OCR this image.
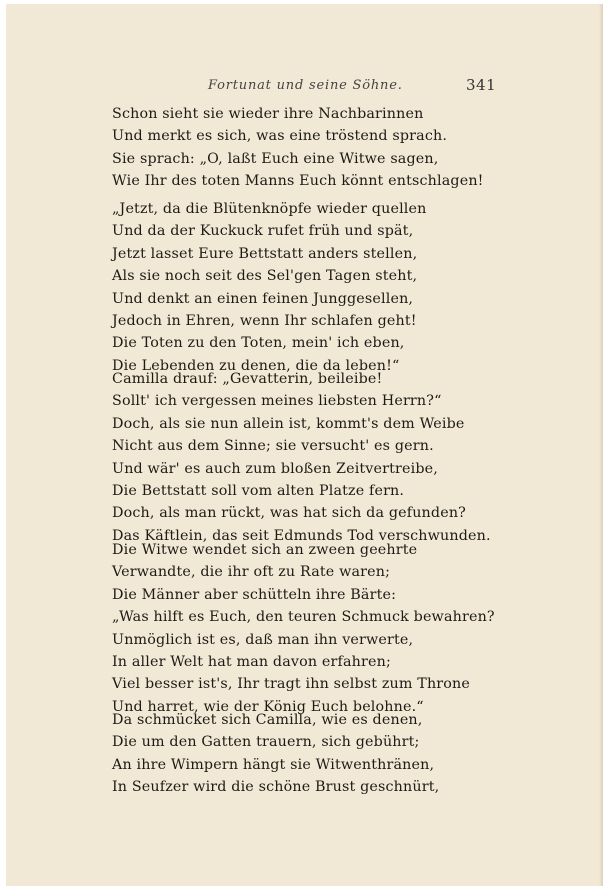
Fortunat und seine Söhne.	341
Schon sieht sie wieder ihre Nachbarinnen
Und merkt es sich, was eine tröstend sprach.
Sie sprach: „O, laßt Euch eine Witwe sagen,
Wie Ihr des toten Manns Euch könnt entschlagen!
„Jetzt, da die Blütenknöpfe wieder quellen
Und da der Kuckuck rufet früh und spät,
Jetzt lasset Eure Bettstatt anders stellen,
Als sie noch seit des Sel'gen Tagen steht,
Und denkt an einen feinen Junggesellen,
Jedoch in Ehren, wenn Ihr schlafen geht!
Die Toten zu den Toten, mein' ich eben,
Die Lebenden zu denen, die da leben!“
Camilla drauf: „Gevatterin, beileibe!
Sollt' ich vergessen meines liebsten Herrn?“
Doch, als sie nun allein ist, kommt's dem Weibe
Nicht aus dem Sinne; sie versucht' es gern.
Und wär' es auch zum bloßen Zeitvertreibe,
Die Bettstatt soll vom alten Platze fern.
Doch, als man rückt, was hat sich da gefunden?
Das Käftlein, das seit Edmunds Tod verschwunden.
Die Witwe wendet sich an zween geehrte
Verwandte, die ihr oft zu Rate waren;
Die Männer aber schütteln ihre Bärte:
„Was hilft es Euch, den teuren Schmuck bewahren?
Unmöglich ist es, daß man ihn verwerte,
In aller Welt hat man davon erfahren;
Viel besser ist's, Ihr tragt ihn selbst zum Throne
Und harret, wie der König Euch belohne.“
Da schmücket sich Camilla, wie es denen,
Die um den Gatten trauern, sich gebührt;
An ihre Wimpern hängt sie Witwenthränen,
In Seufzer wird die schöne Brust geschnürt,
